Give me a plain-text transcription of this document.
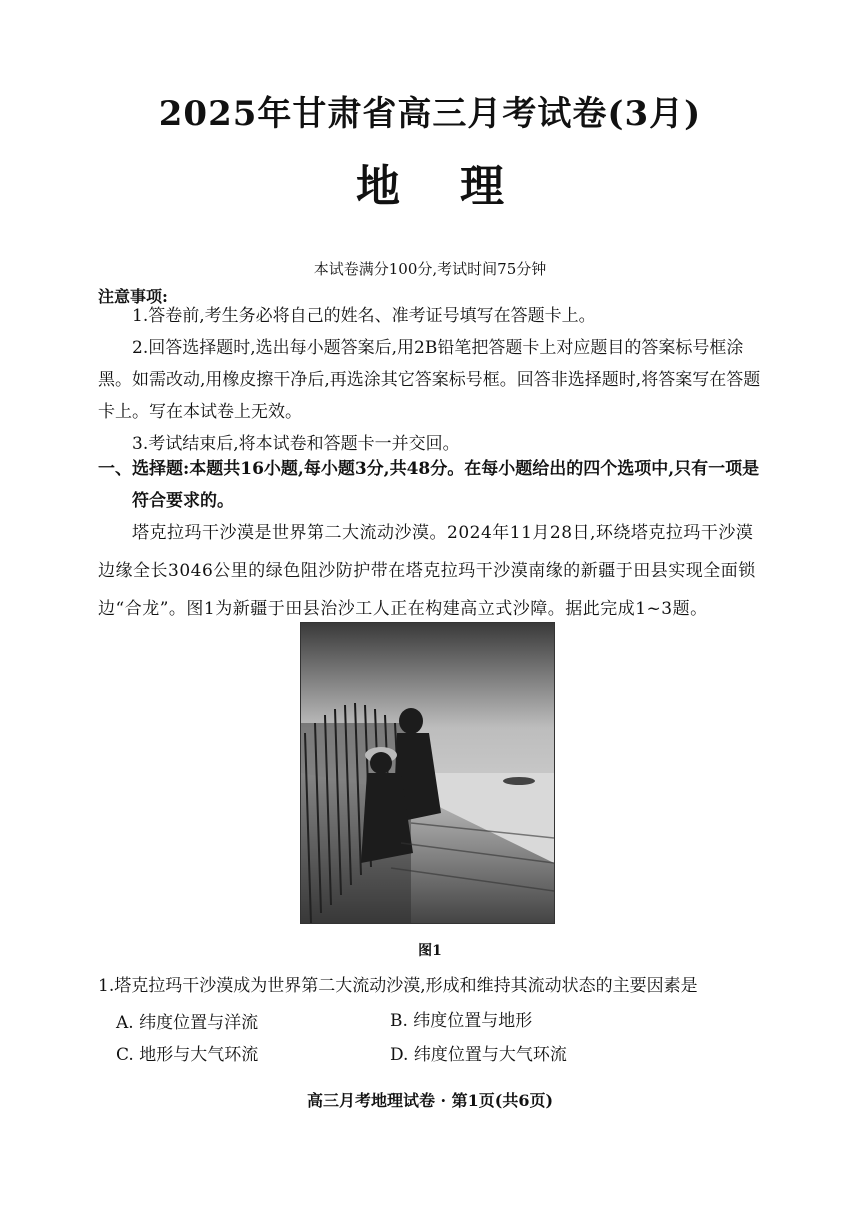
2025年甘肃省高三月考试卷(3月)
地理
本试卷满分100分,考试时间75分钟
注意事项:
1.答卷前,考生务必将自己的姓名、准考证号填写在答题卡上。
2.回答选择题时,选出每小题答案后,用2B铅笔把答题卡上对应题目的答案标号框涂黑。如需改动,用橡皮擦干净后,再选涂其它答案标号框。回答非选择题时,将答案写在答题卡上。写在本试卷上无效。
3.考试结束后,将本试卷和答题卡一并交回。
一、选择题:本题共16小题,每小题3分,共48分。在每小题给出的四个选项中,只有一项是
符合要求的。
塔克拉玛干沙漠是世界第二大流动沙漠。2024年11月28日,环绕塔克拉玛干沙漠边缘全长3046公里的绿色阻沙防护带在塔克拉玛干沙漠南缘的新疆于田县实现全面锁边“合龙”。图1为新疆于田县治沙工人正在构建高立式沙障。据此完成1~3题。
图1
1.塔克拉玛干沙漠成为世界第二大流动沙漠,形成和维持其流动状态的主要因素是
A. 纬度位置与洋流	B. 纬度位置与地形
C. 地形与大气环流	D. 纬度位置与大气环流
高三月考地理试卷 · 第1页(共6页)
